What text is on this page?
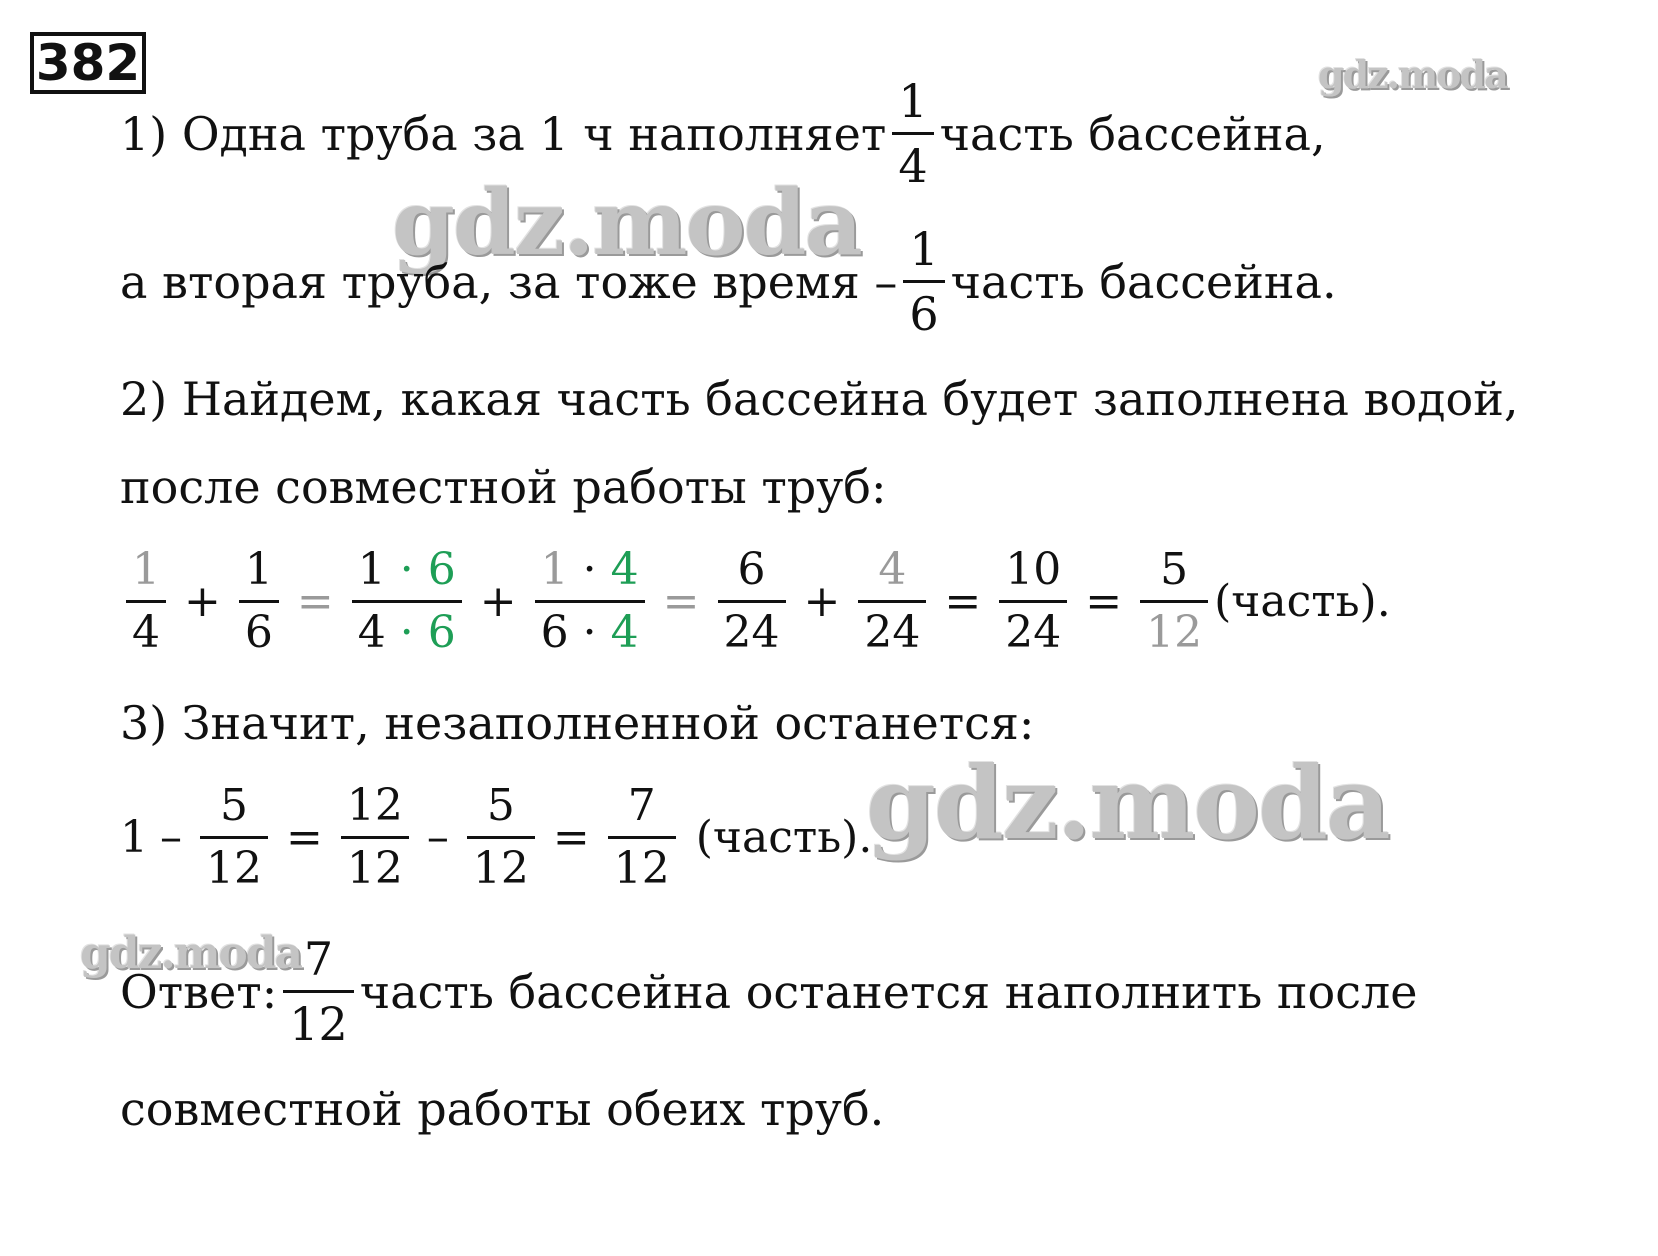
382	gdz.moda
gdz.moda
gdz.moda
gdz.moda
1) Одна труба за 1 ч наполняет $\frac{1}{4}$ часть бассейна,
а вторая труба, за тоже время – $\frac{1}{6}$ часть бассейна.
2) Найдем, какая часть бассейна будет заполнена водой,
после совместной работы труб:
$\frac{1}{4} + \frac{1}{6} = \frac{1 \cdot 6}{4 \cdot 6} + \frac{1 \cdot 4}{6 \cdot 4} = \frac{6}{24} + \frac{4}{24} = \frac{10}{24} = \frac{5}{12}$ (часть).
3) Значит, незаполненной останется:
$1 - \frac{5}{12} = \frac{12}{12} - \frac{5}{12} = \frac{7}{12}$ (часть).
Ответ: $\frac{7}{12}$ часть бассейна останется наполнить после
совместной работы обеих труб.
